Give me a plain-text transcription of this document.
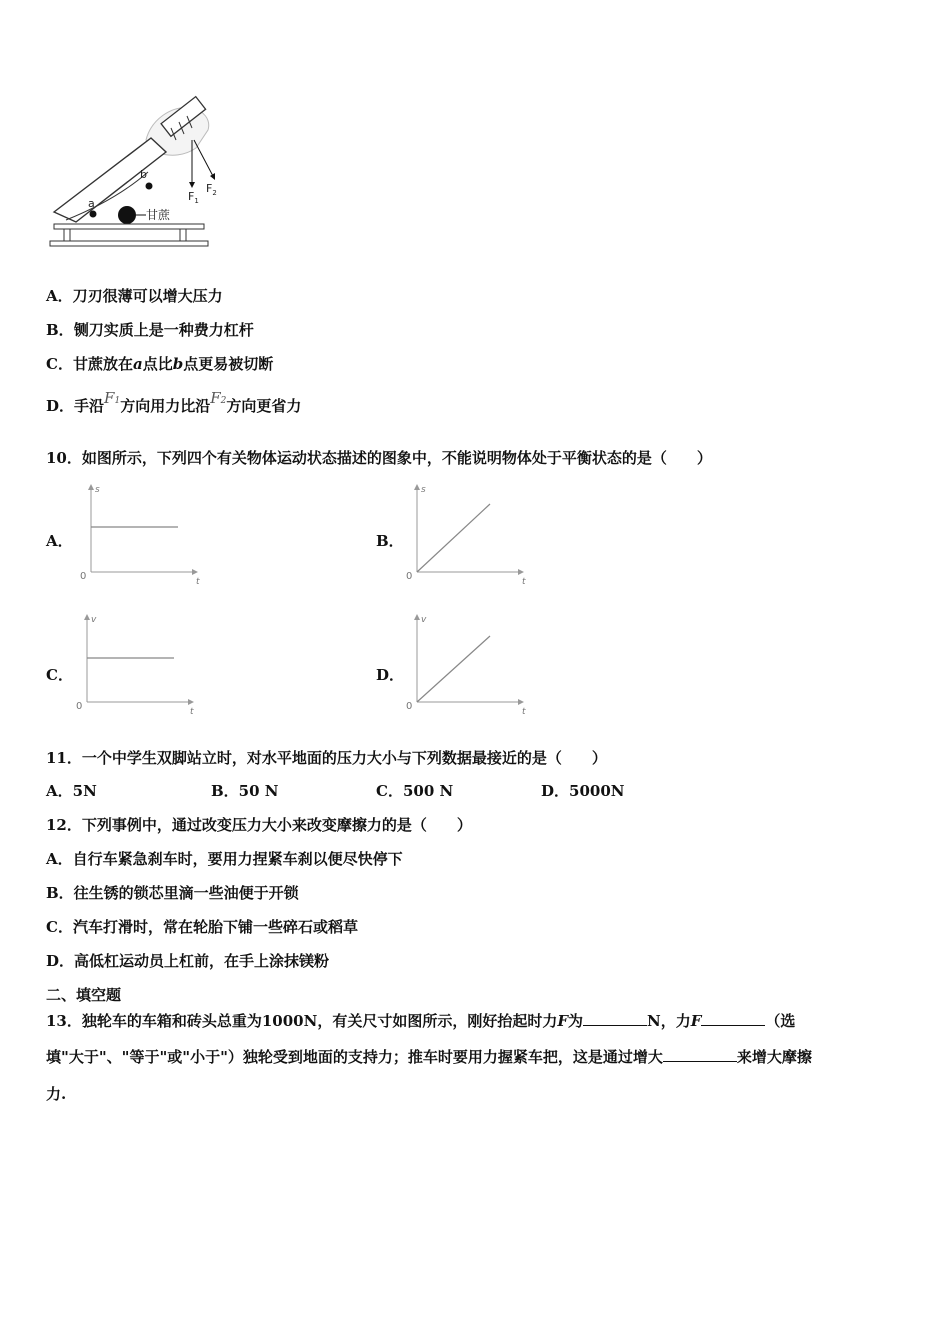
a
b
甘蔗
$F_1$
$F_2$
A．刀刃很薄可以增大压力
B．铡刀实质上是一种费力杠杆
C．甘蔗放在a点比b点更易被切断
D．手沿F1方向用力比沿F2方向更省力
10．如图所示，下列四个有关物体运动状态描述的图象中，不能说明物体处于平衡状态的是（　　）
A．
s
t
0
B．
s
t
0
C．
v
t
0
D．
v
t
0
11．一个中学生双脚站立时，对水平地面的压力大小与下列数据最接近的是（　　）
A．5N	B．50 N	C．500 N	D．5000N
12．下列事例中，通过改变压力大小来改变摩擦力的是（　　）
A．自行车紧急刹车时，要用力捏紧车刹以便尽快停下
B．往生锈的锁芯里滴一些油便于开锁
C．汽车打滑时，常在轮胎下铺一些碎石或稻草
D．高低杠运动员上杠前，在手上涂抹镁粉
二、填空题
13．独轮车的车箱和砖头总重为1000N，有关尺寸如图所示，刚好抬起时力F为	N，力F	（选
填"大于"、"等于"或"小于"）独轮受到地面的支持力；推车时要用力握紧车把，这是通过增大	来增大摩擦
力.
